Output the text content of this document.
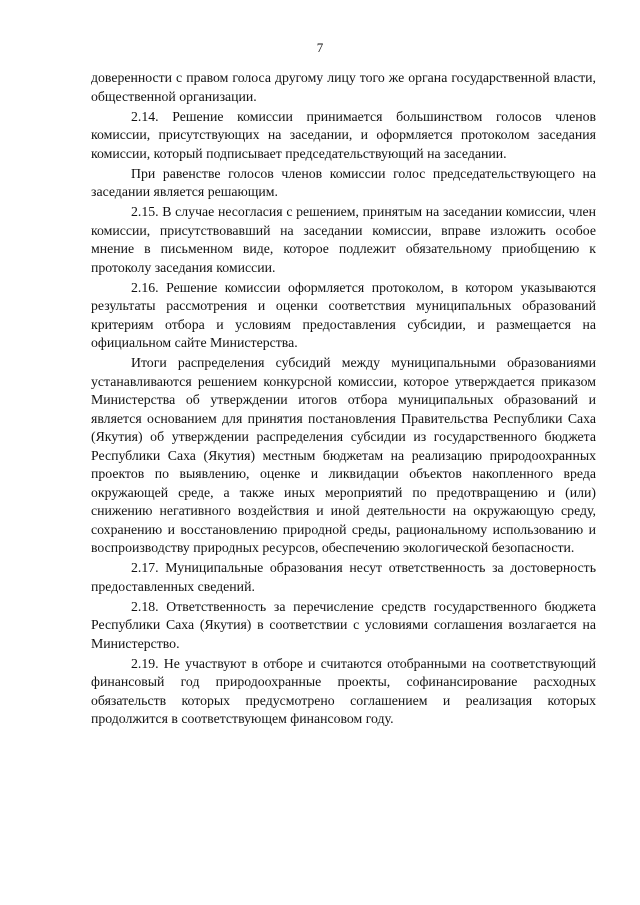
7

доверенности с правом голоса другому лицу того же органа государственной власти, общественной организации.

2.14. Решение комиссии принимается большинством голосов членов комиссии, присутствующих на заседании, и оформляется протоколом заседания комиссии, который подписывает председательствующий на заседании.

При равенстве голосов членов комиссии голос председательствующего на заседании является решающим.

2.15. В случае несогласия с решением, принятым на заседании комиссии, член комиссии, присутствовавший на заседании комиссии, вправе изложить особое мнение в письменном виде, которое подлежит обязательному приобщению к протоколу заседания комиссии.

2.16. Решение комиссии оформляется протоколом, в котором указываются результаты рассмотрения и оценки соответствия муниципальных образований критериям отбора и условиям предоставления субсидии, и размещается на официальном сайте Министерства.

Итоги распределения субсидий между муниципальными образованиями устанавливаются решением конкурсной комиссии, которое утверждается приказом Министерства об утверждении итогов отбора муниципальных образований и является основанием для принятия постановления Правительства Республики Саха (Якутия) об утверждении распределения субсидии из государственного бюджета Республики Саха (Якутия) местным бюджетам на реализацию природоохранных проектов по выявлению, оценке и ликвидации объектов накопленного вреда окружающей среде, а также иных мероприятий по предотвращению и (или) снижению негативного воздействия и иной деятельности на окружающую среду, сохранению и восстановлению природной среды, рациональному использованию и воспроизводству природных ресурсов, обеспечению экологической безопасности.

2.17. Муниципальные образования несут ответственность за достоверность предоставленных сведений.

2.18. Ответственность за перечисление средств государственного бюджета Республики Саха (Якутия) в соответствии с условиями соглашения возлагается на Министерство.

2.19. Не участвуют в отборе и считаются отобранными на соответствующий финансовый год природоохранные проекты, софинансирование расходных обязательств которых предусмотрено соглашением и реализация которых продолжится в соответствующем финансовом году.
